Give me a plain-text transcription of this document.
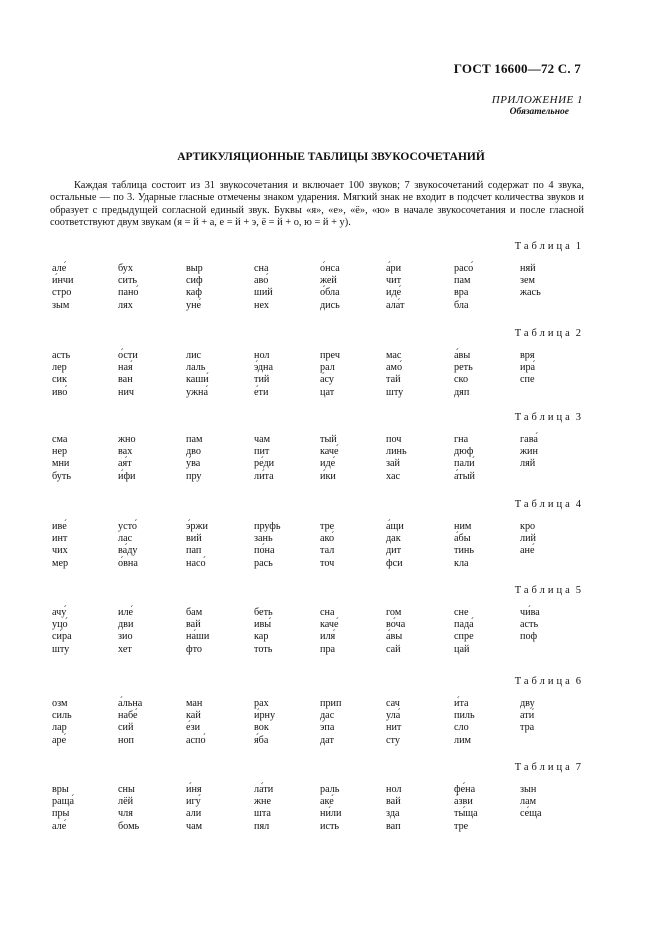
ГОСТ 16600—72 С. 7
ПРИЛОЖЕНИЕ 1
Обязательное
АРТИКУЛЯЦИОННЫЕ ТАБЛИЦЫ ЗВУКОСОЧЕТАНИЙ

Каждая таблица состоит из 31 звукосочетания и включает 100 звуков; 7 звукосочетаний содержат по 4 звука, остальные — по 3. Ударные гласные отмечены знаком ударения. Мягкий знак не входит в подсчет количества звуков и образует с предыдущей согласной единый звук. Буквы «я», «е», «ё», «ю» в начале звукосочетания и после гласной соответствуют двум звукам (я = й + а, е = й + э, ё = й + о, ю = й + у).

Таблица 1
але́
и́нчи
стро
зым
бух
сить
пано́
лях
выр
сиф
каф
уне́
сна
аво́
ший
нех
о́нса
жей
о́бла
дись
а́ри
чит
иде́
ала́т
расо́
пам
вра
бла
няй
зем
жась
Таблица 2
асть
лер
сик
иво́
о́сти
ная́
ван
нич
лис
лаль
каши́
ужна́
нол
э́дна
тий
е́ти
преч
рал
а́су
цат
мас
амо́
тай
шту
а́вы
реть
ско
дяп
вря
ира́
спе
Таблица 3
сма
нер
мни
буть
жно
вах
ая́т
и́фи
пам
дво
у́ва
пру
чам
пит
ре́ди
ли́та
тый
каче́
иде́
и́ки
поч
линь
зай
хас
гна
дюф
пали́
а́тый
гава́
жин
ляй
Таблица 4
иве́
инт
чих
мер
усто́
лас
ва́ду
о́вна
э́ржи
вий
пап
насо́
пруфь
зань
по́на
рась
тре
ако́
тал
точ
а́щи
дак
дит
фси
ним
а́бы
тинь
кла
кро
лий
ане́
Таблица 5
ачу́
уцо́
си́ра
шту
иле́
дви
зио
хет
бам
вай
на́ши
фто
беть
ивы́
кар
тоть
сна
каче́
иля́
пра
гом
во́ча
а́вы
сай
сне
пада́
спре
цай
чи́ва
асть
поф
Таблица 6
озм
силь
лар
аре́
а́льна
набе́
сий
ноп
ман
кай
е́зи
аспо́
рах
и́рну
вок
я́ба
прип
дас
э́па
дат
сач
ула́
нит
сту
и́та
пиль
сло
лим
дву
ати́
тра
Таблица 7
вры
раща́
пры
але́
сны
лёй
чля
бомь
и́ня
игу́
али
чам
ла́ти
жне
шта
пял
раль
аке́
ни́ли
исть
нол
вай
зда
вап
фе́на
а́зви
ты́ща
тре
зын
лам
се́ща
